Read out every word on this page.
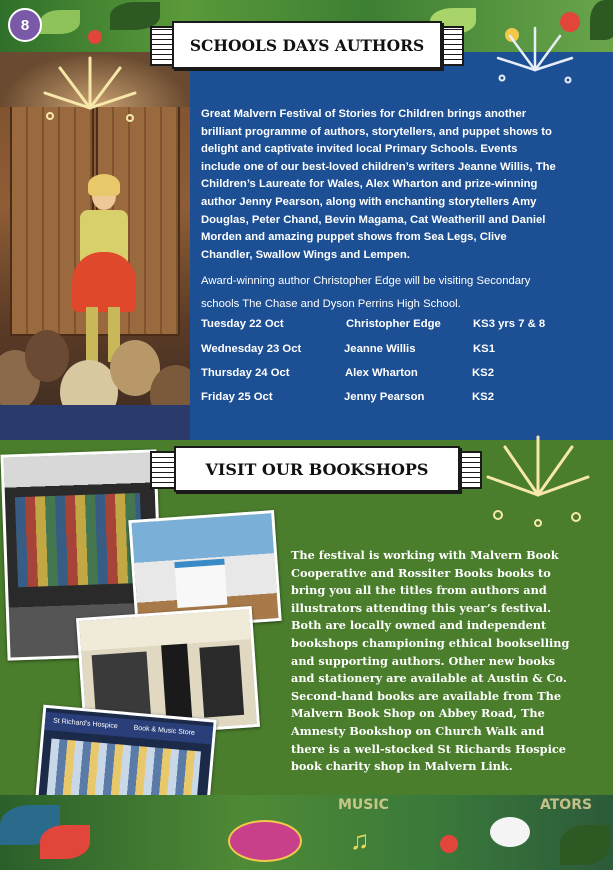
8
SCHOOLS DAYS AUTHORS
Great Malvern Festival of Stories for Children brings another brilliant programme of authors, storytellers, and puppet shows to delight and captivate invited local Primary Schools. Events include one of our best-loved children’s writers Jeanne Willis, The Children’s Laureate for Wales, Alex Wharton and prize-winning author Jenny Pearson, along with enchanting storytellers Amy Douglas, Peter Chand, Bevin Magama, Cat Weatherill and Daniel Morden and amazing puppet shows from Sea Legs, Clive Chandler, Swallow Wings and Lempen.
Award-winning author Christopher Edge will be visiting Secondary schools The Chase and Dyson Perrins High School.
Tuesday 22 Oct	Christopher Edge	KS3 yrs 7 & 8
Wednesday 23 Oct	Jeanne Willis	KS1
Thursday 24 Oct	Alex Wharton	KS2
Friday 25 Oct	Jenny Pearson	KS2
St Richard’s Hospice Book & Music Store
VISIT OUR BOOKSHOPS
The festival is working with Malvern Book Cooperative and Rossiter Books books to bring you all the titles from authors and illustrators attending this year’s festival. Both are locally owned and independent bookshops championing ethical bookselling and supporting authors. Other new books and stationery are available at Austin & Co. Second-hand books are available from The Malvern Book Shop on Abbey Road, The Amnesty Bookshop on Church Walk and there is a well-stocked St Richards Hospice book charity shop in Malvern Link.
MUSIC
♫
ATORS
